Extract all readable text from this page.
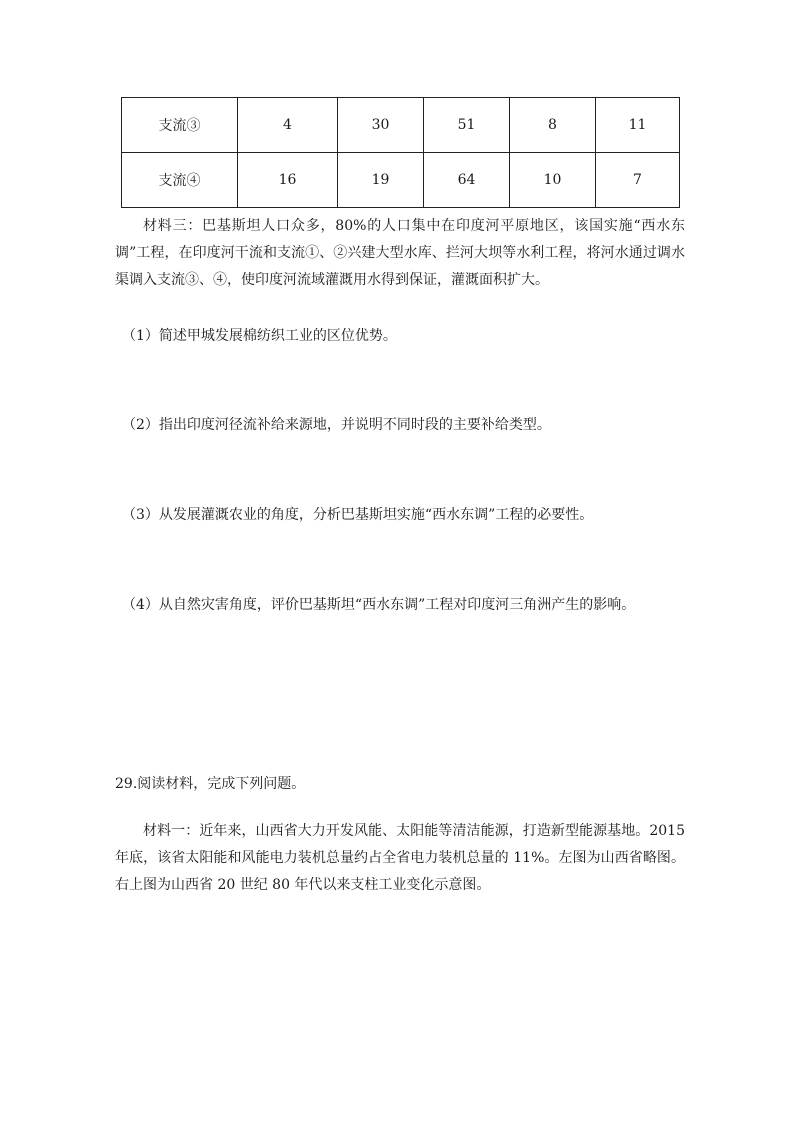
支流③	4	30	51	8	11
支流④	16	19	64	10	7

材料三：巴基斯坦人口众多，80%的人口集中在印度河平原地区，该国实施“西水东调”工程，在印度河干流和支流①、②兴建大型水库、拦河大坝等水利工程，将河水通过调水渠调入支流③、④，使印度河流域灌溉用水得到保证，灌溉面积扩大。

（1）简述甲城发展棉纺织工业的区位优势。

（2）指出印度河径流补给来源地，并说明不同时段的主要补给类型。

（3）从发展灌溉农业的角度，分析巴基斯坦实施“西水东调”工程的必要性。

（4）从自然灾害角度，评价巴基斯坦“西水东调”工程对印度河三角洲产生的影响。

29.阅读材料，完成下列问题。

材料一：近年来，山西省大力开发风能、太阳能等清洁能源，打造新型能源基地。2015 年底，该省太阳能和风能电力装机总量约占全省电力装机总量的 11%。左图为山西省略图。右上图为山西省 20 世纪 80 年代以来支柱工业变化示意图。
